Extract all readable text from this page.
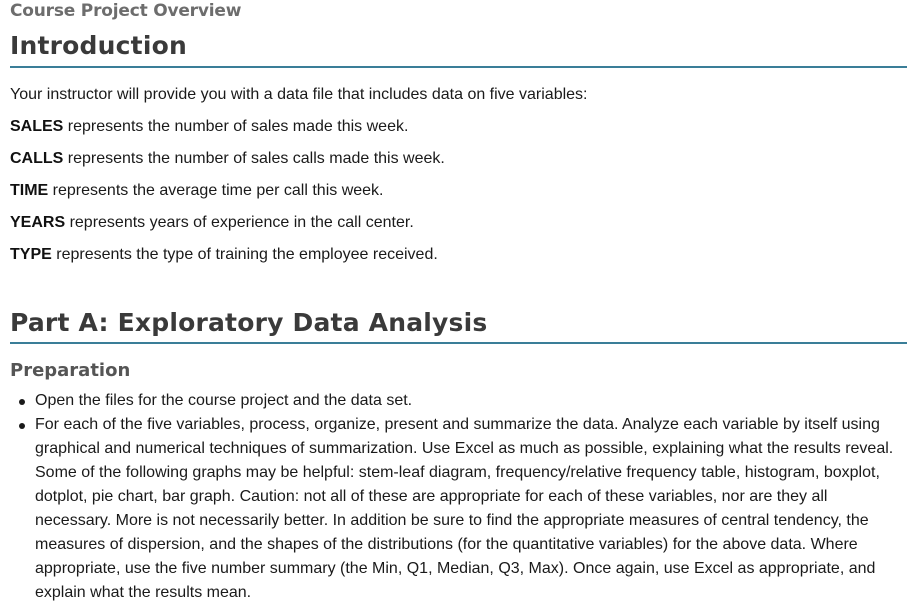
Course Project Overview
Introduction
Your instructor will provide you with a data file that includes data on five variables:
SALES represents the number of sales made this week.
CALLS represents the number of sales calls made this week.
TIME represents the average time per call this week.
YEARS represents years of experience in the call center.
TYPE represents the type of training the employee received.
Part A: Exploratory Data Analysis
Preparation
Open the files for the course project and the data set.
For each of the five variables, process, organize, present and summarize the data. Analyze each variable by itself using graphical and numerical techniques of summarization. Use Excel as much as possible, explaining what the results reveal. Some of the following graphs may be helpful: stem-leaf diagram, frequency/relative frequency table, histogram, boxplot, dotplot, pie chart, bar graph. Caution: not all of these are appropriate for each of these variables, nor are they all necessary. More is not necessarily better. In addition be sure to find the appropriate measures of central tendency, the measures of dispersion, and the shapes of the distributions (for the quantitative variables) for the above data. Where appropriate, use the five number summary (the Min, Q1, Median, Q3, Max). Once again, use Excel as appropriate, and explain what the results mean.
